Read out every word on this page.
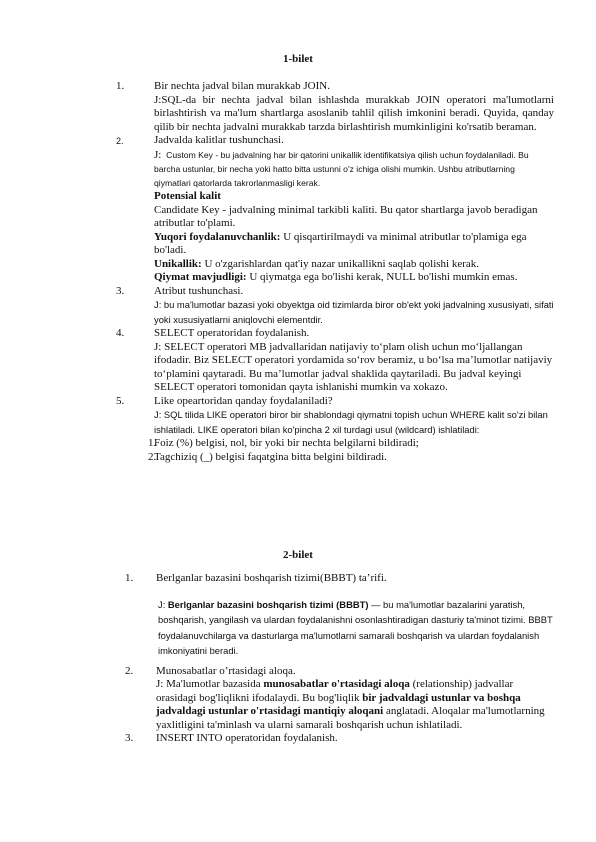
1-bilet
1.	Bir nechta jadval bilan murakkab JOIN.
J:SQL-da bir nechta jadval bilan ishlashda murakkab JOIN operatori ma'lumotlarni birlashtirish va ma'lum shartlarga asoslanib tahlil qilish imkonini beradi. Quyida, qanday qilib bir nechta jadvalni murakkab tarzda birlashtirish mumkinligini ko'rsatib beraman.
2.	Jadvalda kalitlar tushunchasi.
J: Custom Key - bu jadvalning har bir qatorini unikallik identifikatsiya qilish uchun foydalaniladi. Bu barcha ustunlar, bir necha yoki hatto bitta ustunni o'z ichiga olishi mumkin. Ushbu atributlarning qiymatlari qatorlarda takrorlanmasligi kerak.
Potensial kalit
Candidate Key - jadvalning minimal tarkibli kaliti. Bu qator shartlarga javob beradigan atributlar to'plami.
Yuqori foydalanuvchanlik: U qisqartirilmaydi va minimal atributlar to'plamiga ega bo'ladi.
Unikallik: U o'zgarishlardan qat'iy nazar unikallikni saqlab qolishi kerak.
Qiymat mavjudligi: U qiymatga ega bo'lishi kerak, NULL bo'lishi mumkin emas.
3.	Atribut tushunchasi.
J: bu ma'lumotlar bazasi yoki obyektga oid tizimlarda biror ob'ekt yoki jadvalning xususiyati, sifati yoki xususiyatlarni aniqlovchi elementdir.
4.	SELECT operatoridan foydalanish.
J: SELECT operatori MB jadvallaridan natijaviy to‘plam olish uchun mo‘ljallangan ifodadir. Biz SELECT operatori yordamida so‘rov beramiz, u bo‘lsa ma’lumotlar natijaviy to‘plamini qaytaradi. Bu ma’lumotlar jadval shaklida qaytariladi. Bu jadval keyingi SELECT operatori tomonidan qayta ishlanishi mumkin va xokazo.
5.	Like opeartoridan qanday foydalaniladi?
J: SQL tilida LIKE operatori biror bir shablondagi qiymatni topish uchun WHERE kalit so'zi bilan ishlatiladi. LIKE operatori bilan ko'pincha 2 xil turdagi usul (wildcard) ishlatiladi:
1.
Foiz (%) belgisi, nol, bir yoki bir nechta belgilarni bildiradi;
2.
Tagchiziq (_) belgisi faqatgina bitta belgini bildiradi.
2-bilet
1. Berlganlar bazasini boshqarish tizimi(BBBT) ta’rifi.
J: Berlganlar bazasini boshqarish tizimi (BBBT) — bu ma'lumotlar bazalarini yaratish, boshqarish, yangilash va ulardan foydalanishni osonlashtiradigan dasturiy ta'minot tizimi. BBBT foydalanuvchilarga va dasturlarga ma'lumotlarni samarali boshqarish va ulardan foydalanish imkoniyatini beradi.
2. Munosabatlar o’rtasidagi aloqa.
J: Ma'lumotlar bazasida munosabatlar o'rtasidagi aloqa (relationship) jadvallar orasidagi bog'liqlikni ifodalaydi. Bu bog'liqlik bir jadvaldagi ustunlar va boshqa jadvaldagi ustunlar o'rtasidagi mantiqiy aloqani anglatadi. Aloqalar ma'lumotlarning yaxlitligini ta'minlash va ularni samarali boshqarish uchun ishlatiladi.
3. INSERT INTO operatoridan foydalanish.
